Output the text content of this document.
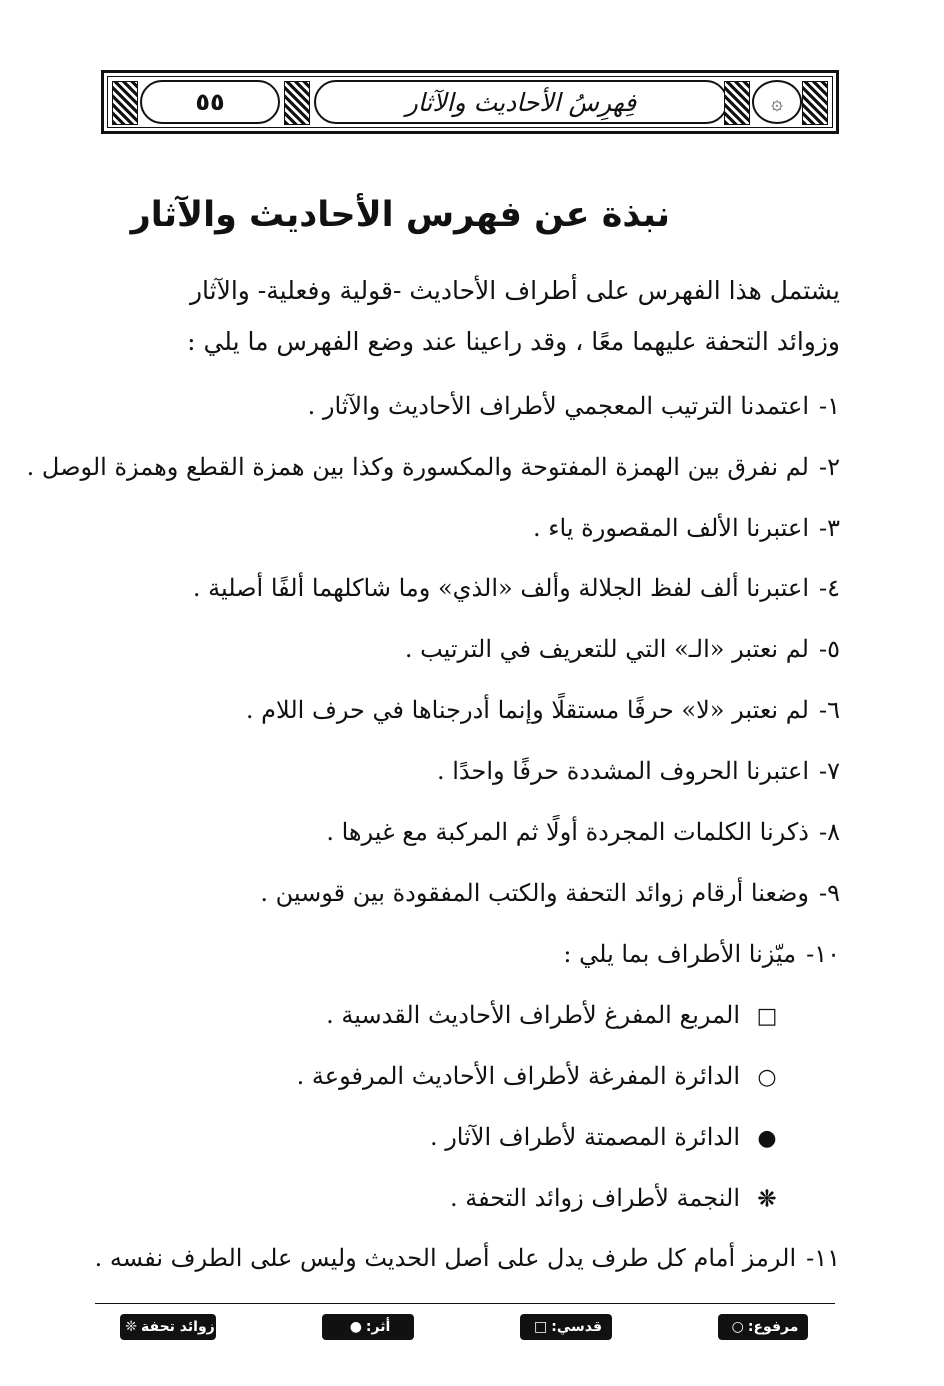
٥٥	فِهرِسُ الأحاديث والآثار	۞
نبذة عن فهرس الأحاديث والآثار
يشتمل هذا الفهرس على أطراف الأحاديث -قولية وفعلية- والآثار
وزوائد التحفة عليهما معًا ، وقد راعينا عند وضع الفهرس ما يلي :
١-اعتمدنا الترتيب المعجمي لأطراف الأحاديث والآثار .
٢-لم نفرق بين الهمزة المفتوحة والمكسورة وكذا بين همزة القطع وهمزة الوصل .
٣-اعتبرنا الألف المقصورة ياء .
٤-اعتبرنا ألف لفظ الجلالة وألف «الذي» وما شاكلهما ألفًا أصلية .
٥-لم نعتبر «الـ» التي للتعريف في الترتيب .
٦-لم نعتبر «لا» حرفًا مستقلًا وإنما أدرجناها في حرف اللام .
٧-اعتبرنا الحروف المشددة حرفًا واحدًا .
٨-ذكرنا الكلمات المجردة أولًا ثم المركبة مع غيرها .
٩-وضعنا أرقام زوائد التحفة والكتب المفقودة بين قوسين .
١٠-ميّزنا الأطراف بما يلي :
□المربع المفرغ لأطراف الأحاديث القدسية .
○الدائرة المفرغة لأطراف الأحاديث المرفوعة .
●الدائرة المصمتة لأطراف الآثار .
❊النجمة لأطراف زوائد التحفة .
١١-الرمز أمام كل طرف يدل على أصل الحديث وليس على الطرف نفسه .
مرفوع:
○
قدسي:
□
أثر:
●
زوائد تحفة
❊
